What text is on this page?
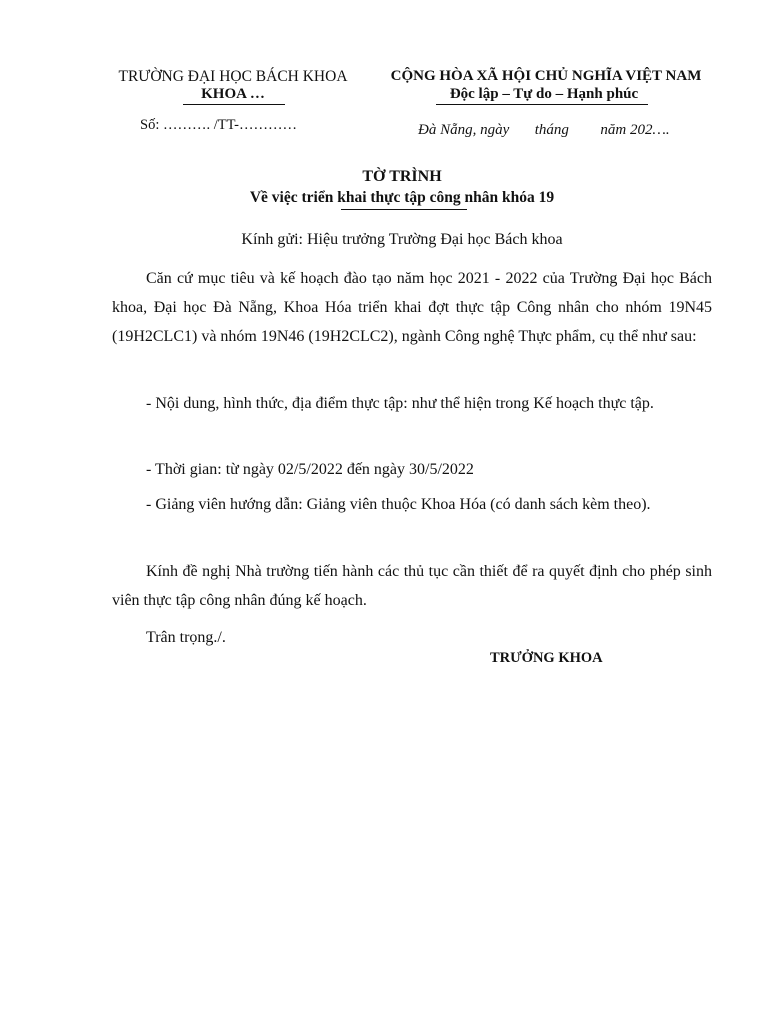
TRƯỜNG ĐẠI HỌC BÁCH KHOA
KHOA …
Số: ………. /TT-…………
CỘNG HÒA XÃ HỘI CHỦ NGHĨA VIỆT NAM
Độc lập – Tự do – Hạnh phúc
Đà Nẵng, ngày tháng năm 202….
TỜ TRÌNH
Về việc triển khai thực tập công nhân khóa 19
Kính gửi: Hiệu trưởng Trường Đại học Bách khoa

Căn cứ mục tiêu và kế hoạch đào tạo năm học 2021 - 2022 của Trường Đại học Bách khoa, Đại học Đà Nẵng, Khoa Hóa triển khai đợt thực tập Công nhân cho nhóm 19N45 (19H2CLC1) và nhóm 19N46 (19H2CLC2), ngành Công nghệ Thực phẩm, cụ thể như sau:

- Nội dung, hình thức, địa điểm thực tập: như thể hiện trong Kế hoạch thực tập.

- Thời gian: từ ngày 02/5/2022 đến ngày 30/5/2022

- Giảng viên hướng dẫn: Giảng viên thuộc Khoa Hóa (có danh sách kèm theo).

Kính đề nghị Nhà trường tiến hành các thủ tục cần thiết để ra quyết định cho phép sinh viên thực tập công nhân đúng kế hoạch.

Trân trọng./.

TRƯỞNG KHOA
